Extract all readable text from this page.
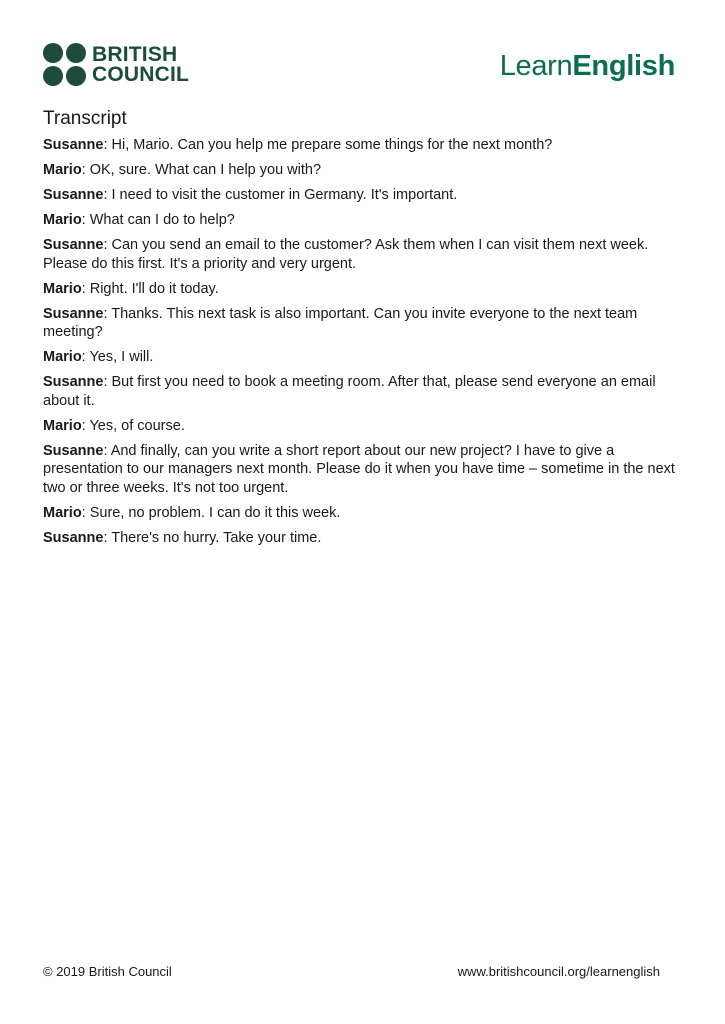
BRITISH
COUNCIL	LearnEnglish
Transcript

Susanne: Hi, Mario. Can you help me prepare some things for the next month?

Mario: OK, sure. What can I help you with?

Susanne: I need to visit the customer in Germany. It's important.

Mario: What can I do to help?

Susanne: Can you send an email to the customer? Ask them when I can visit them next week. Please do this first. It's a priority and very urgent.

Mario: Right. I'll do it today.

Susanne: Thanks. This next task is also important. Can you invite everyone to the next team meeting?

Mario: Yes, I will.

Susanne: But first you need to book a meeting room. After that, please send everyone an email about it.

Mario: Yes, of course.

Susanne: And finally, can you write a short report about our new project? I have to give a presentation to our managers next month. Please do it when you have time – sometime in the next two or three weeks. It's not too urgent.

Mario: Sure, no problem. I can do it this week.

Susanne: There's no hurry. Take your time.

© 2019 British Council	www.britishcouncil.org/learnenglish
